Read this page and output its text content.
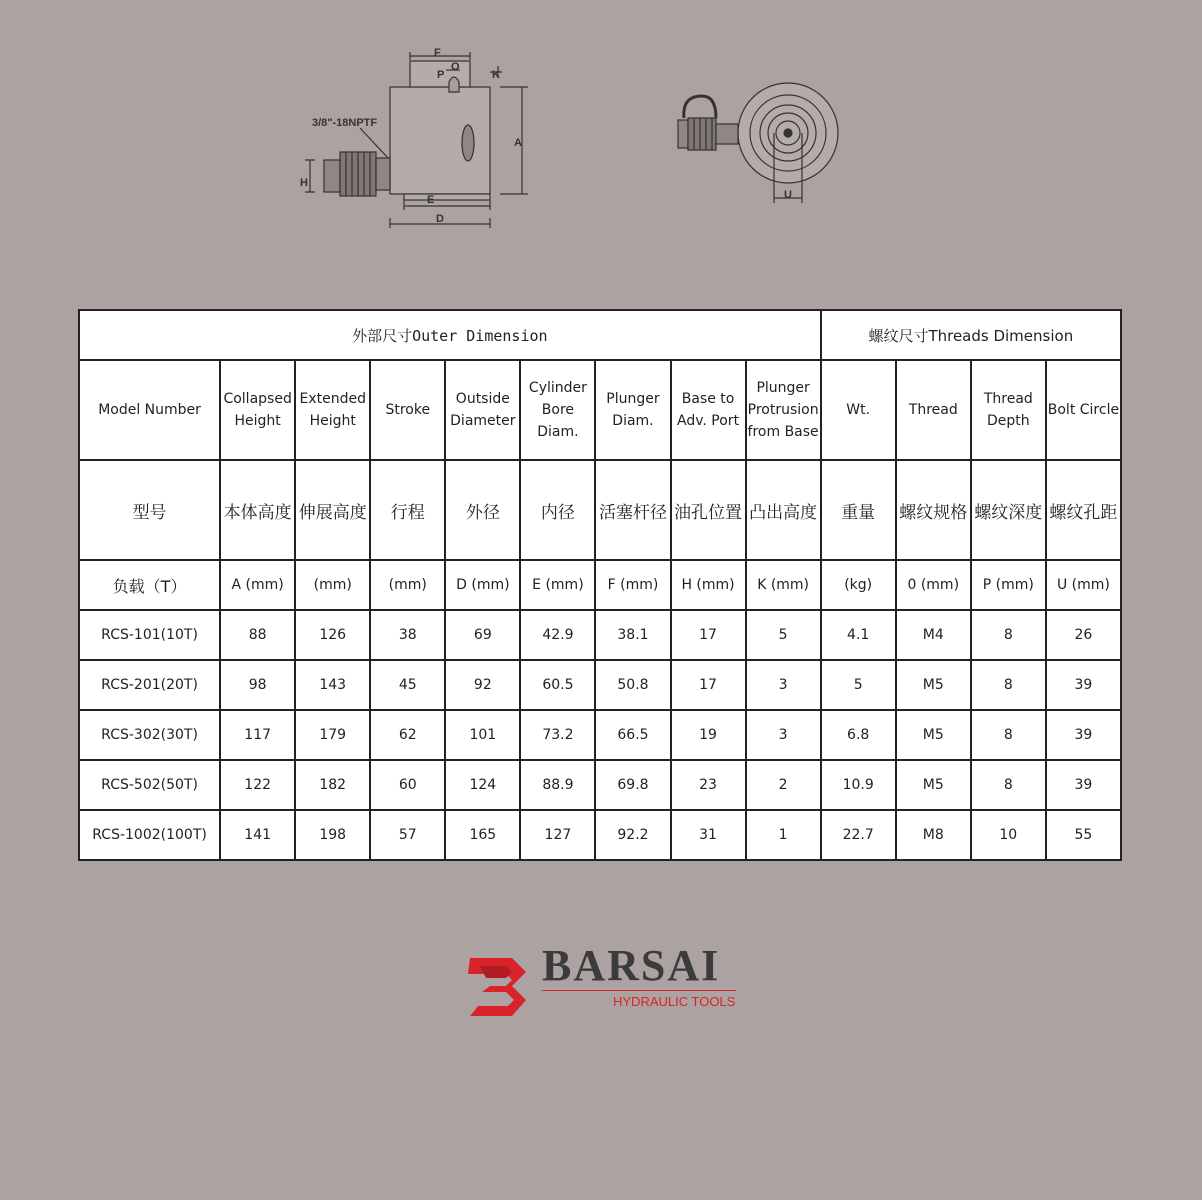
F
P
O
K
A
3/8"-18NPTF
H
E
D
U
外部尺寸Outer Dimension									螺纹尺寸Threads Dimension			
Model Number	Collapsed Height	Extended Height	Stroke	Outside Diameter	Cylinder Bore Diam.	Plunger Diam.	Base to Adv. Port	Plunger Protrusion from Base	Wt.	Thread	Thread Depth	Bolt Circle
型号	本体高度	伸展高度	行程	外径	内径	活塞杆径	油孔位置	凸出高度	重量	螺纹规格	螺纹深度	螺纹孔距
负载（T）	A (mm)	(mm)	(mm)	D (mm)	E (mm)	F (mm)	H (mm)	K (mm)	(kg)	0 (mm)	P (mm)	U (mm)
RCS-101(10T)	88	126	38	69	42.9	38.1	17	5	4.1	M4	8	26
RCS-201(20T)	98	143	45	92	60.5	50.8	17	3	5	M5	8	39
RCS-302(30T)	117	179	62	101	73.2	66.5	19	3	6.8	M5	8	39
RCS-502(50T)	122	182	60	124	88.9	69.8	23	2	10.9	M5	8	39
RCS-1002(100T)	141	198	57	165	127	92.2	31	1	22.7	M8	10	55
BARSAI
HYDRAULIC TOOLS
